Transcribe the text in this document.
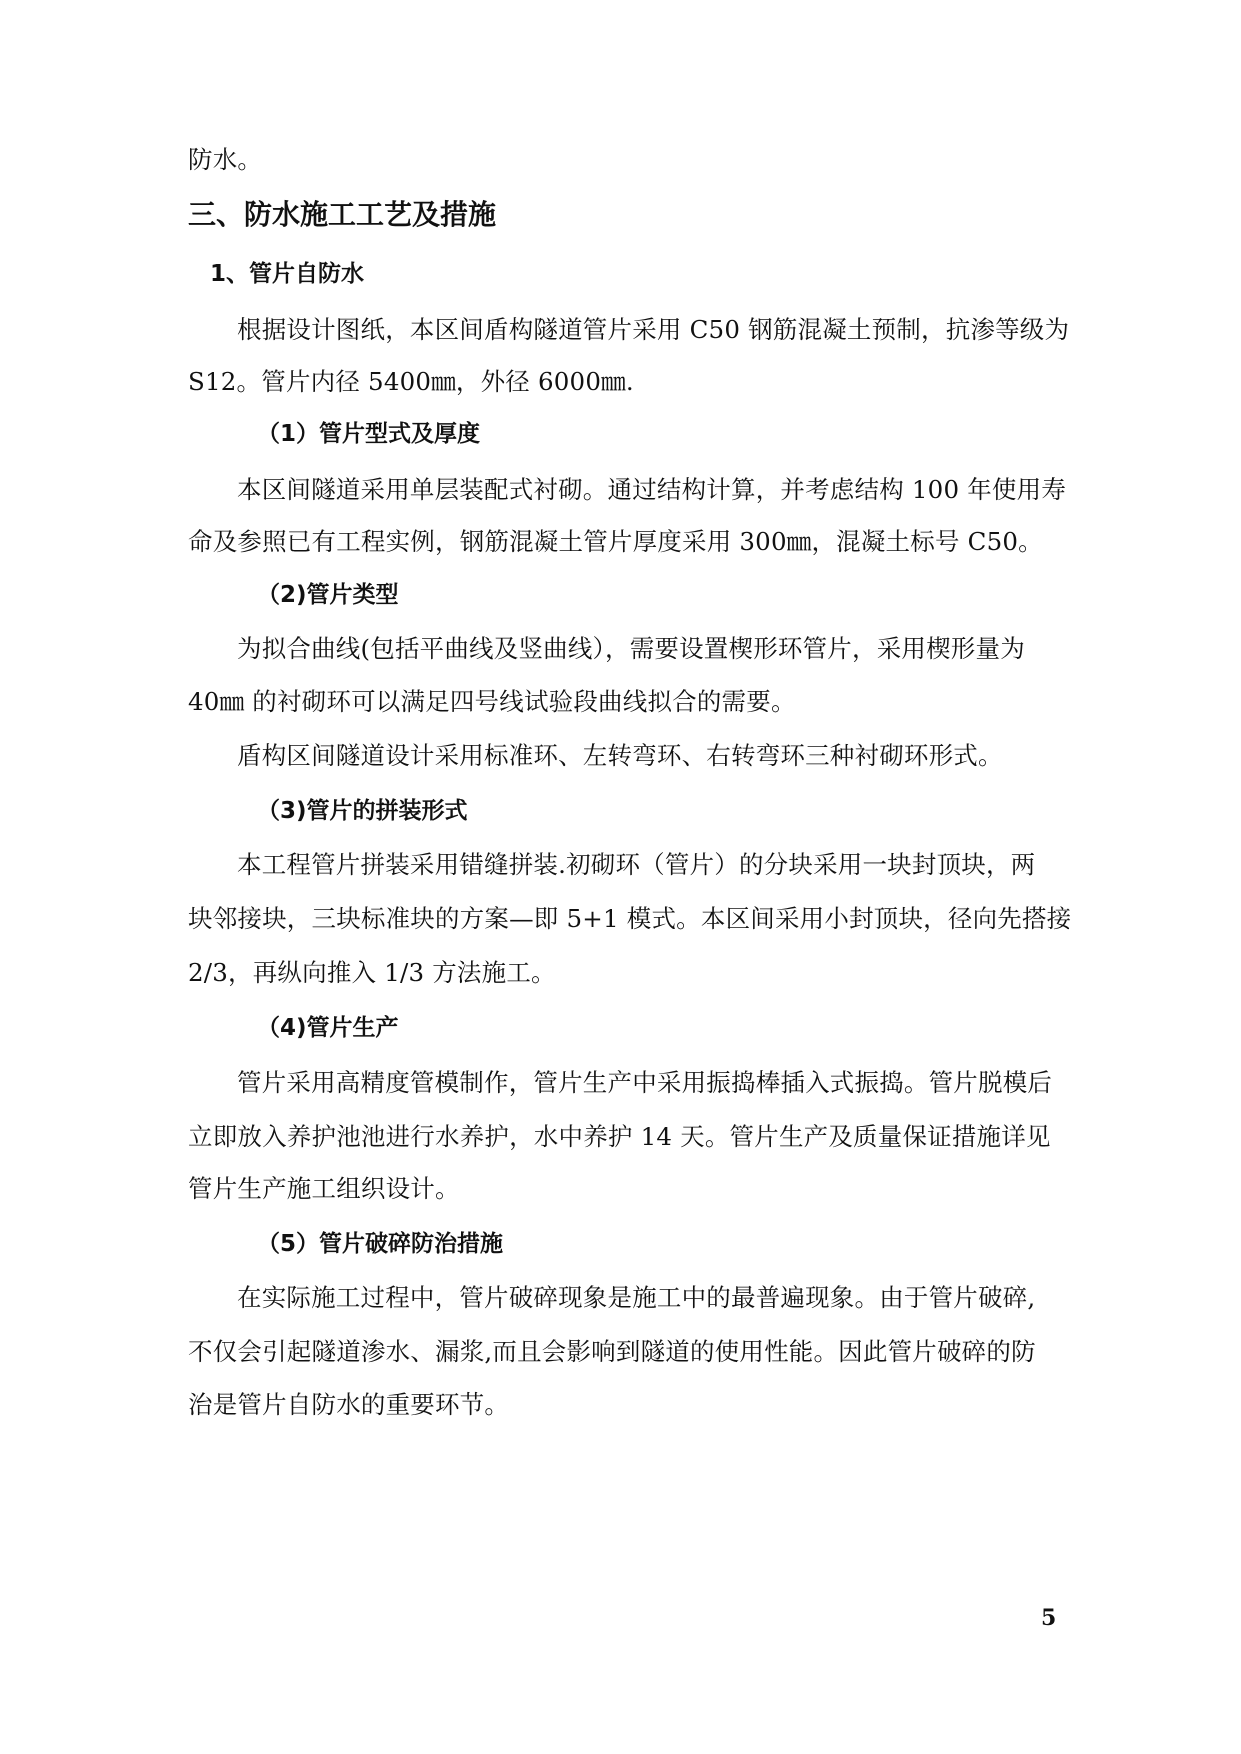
防水。
三、防水施工工艺及措施
1、管片自防水
根据设计图纸，本区间盾构隧道管片采用 C50 钢筋混凝土预制，抗渗等级为
S12。管片内径 5400㎜，外径 6000㎜.
（1）管片型式及厚度
本区间隧道采用单层装配式衬砌。通过结构计算，并考虑结构 100 年使用寿
命及参照已有工程实例，钢筋混凝土管片厚度采用 300㎜，混凝土标号 C50。
（2)管片类型
为拟合曲线(包括平曲线及竖曲线），需要设置楔形环管片，采用楔形量为
40㎜ 的衬砌环可以满足四号线试验段曲线拟合的需要。
盾构区间隧道设计采用标准环、左转弯环、右转弯环三种衬砌环形式。
（3)管片的拼装形式
本工程管片拼装采用错缝拼装.初砌环（管片）的分块采用一块封顶块，两
块邻接块，三块标准块的方案—即 5+1 模式。本区间采用小封顶块，径向先搭接
2/3，再纵向推入 1/3 方法施工。
（4)管片生产
管片采用高精度管模制作，管片生产中采用振捣棒插入式振捣。管片脱模后
立即放入养护池池进行水养护，水中养护 14 天。管片生产及质量保证措施详见
管片生产施工组织设计。
（5）管片破碎防治措施
在实际施工过程中，管片破碎现象是施工中的最普遍现象。由于管片破碎,
不仅会引起隧道渗水、漏浆,而且会影响到隧道的使用性能。因此管片破碎的防
治是管片自防水的重要环节。
5
